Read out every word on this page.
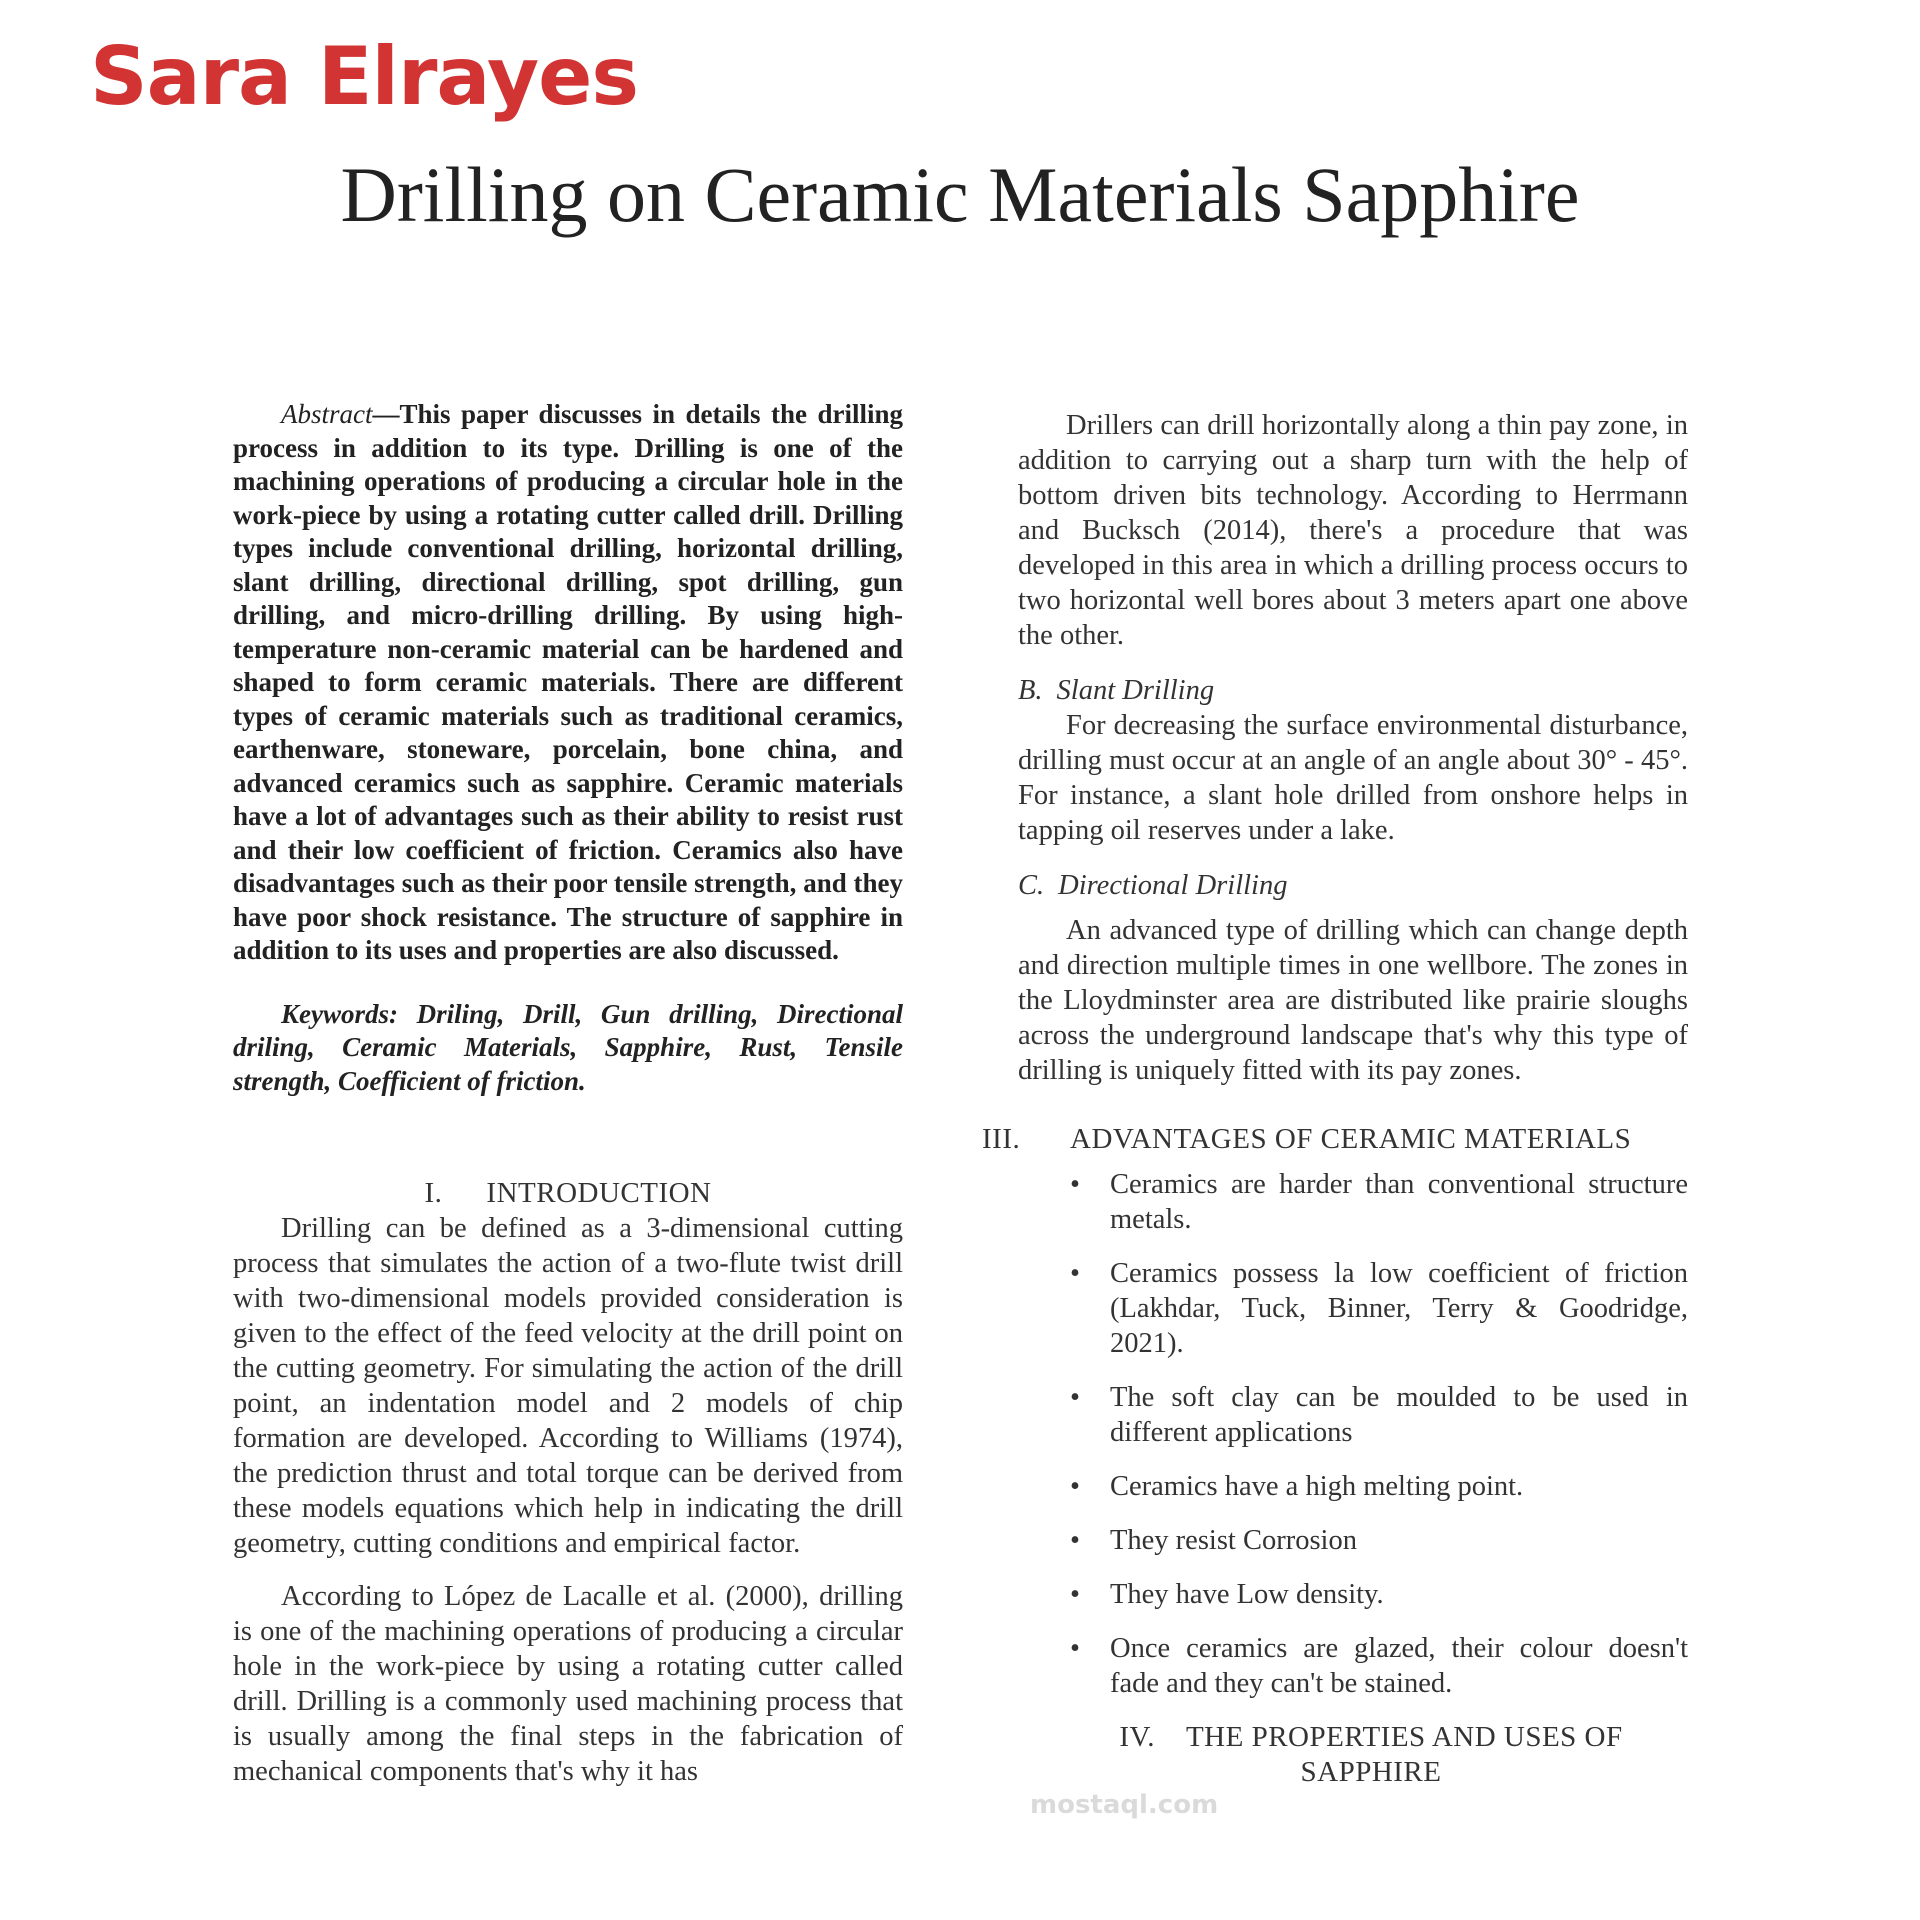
Sara Elrayes
Drilling on Ceramic Materials Sapphire

Abstract—This paper discusses in details the drilling process in addition to its type. Drilling is one of the machining operations of producing a circular hole in the work-piece by using a rotating cutter called drill. Drilling types include conventional drilling, horizontal drilling, slant drilling, directional drilling, spot drilling, gun drilling, and micro-drilling drilling. By using high-temperature non-ceramic material can be hardened and shaped to form ceramic materials. There are different types of ceramic materials such as traditional ceramics, earthenware, stoneware, porcelain, bone china, and advanced ceramics such as sapphire. Ceramic materials have a lot of advantages such as their ability to resist rust and their low coefficient of friction. Ceramics also have disadvantages such as their poor tensile strength, and they have poor shock resistance. The structure of sapphire in addition to its uses and properties are also discussed.

Keywords: Driling, Drill, Gun drilling, Directional driling, Ceramic Materials, Sapphire, Rust, Tensile strength, Coefficient of friction.

I. INTRODUCTION

Drilling can be defined as a 3-dimensional cutting process that simulates the action of a two-flute twist drill with two-dimensional models provided consideration is given to the effect of the feed velocity at the drill point on the cutting geometry. For simulating the action of the drill point, an indentation model and 2 models of chip formation are developed. According to Williams (1974), the prediction thrust and total torque can be derived from these models equations which help in indicating the drill geometry, cutting conditions and empirical factor.

According to López de Lacalle et al. (2000), drilling is one of the machining operations of producing a circular hole in the work-piece by using a rotating cutter called drill. Drilling is a commonly used machining process that is usually among the final steps in the fabrication of mechanical components that's why it has

Drillers can drill horizontally along a thin pay zone, in addition to carrying out a sharp turn with the help of bottom driven bits technology. According to Herrmann and Bucksch (2014), there's a procedure that was developed in this area in which a drilling process occurs to two horizontal well bores about 3 meters apart one above the other.

B. Slant Drilling

For decreasing the surface environmental disturbance, drilling must occur at an angle of an angle about 30° - 45°. For instance, a slant hole drilled from onshore helps in tapping oil reserves under a lake.

C. Directional Drilling

An advanced type of drilling which can change depth and direction multiple times in one wellbore. The zones in the Lloydminster area are distributed like prairie sloughs across the underground landscape that's why this type of drilling is uniquely fitted with its pay zones.

III. ADVANTAGES OF CERAMIC MATERIALS
• Ceramics are harder than conventional structure metals.
• Ceramics possess la low coefficient of friction (Lakhdar, Tuck, Binner, Terry & Goodridge, 2021).
• The soft clay can be moulded to be used in different applications
• Ceramics have a high melting point.
• They resist Corrosion
• They have Low density.
• Once ceramics are glazed, their colour doesn't fade and they can't be stained.
IV. THE PROPERTIES AND USES OF SAPPHIRE
mostaql.com
